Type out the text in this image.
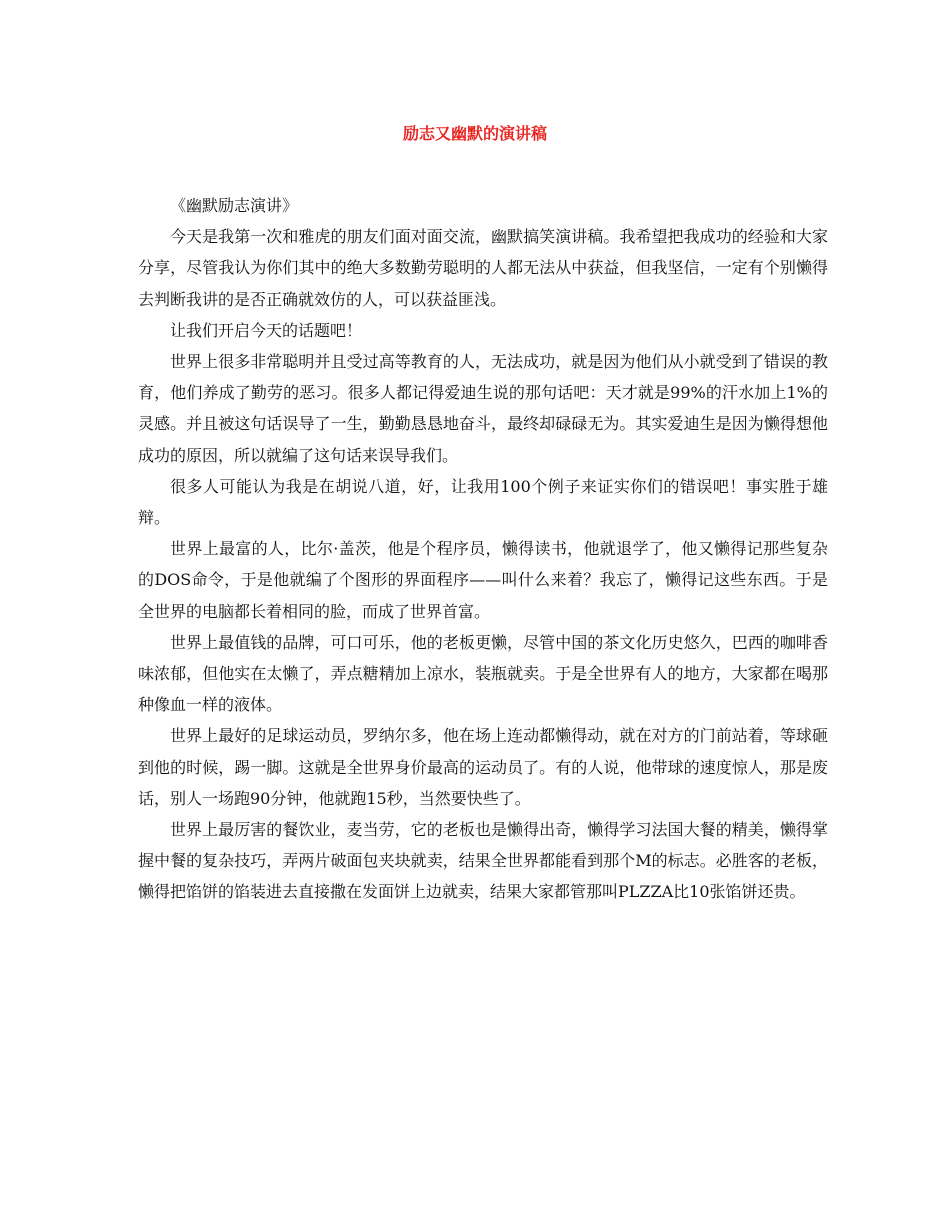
励志又幽默的演讲稿

《幽默励志演讲》

今天是我第一次和雅虎的朋友们面对面交流，幽默搞笑演讲稿。我希望把我成功的经验和大家分享，尽管我认为你们其中的绝大多数勤劳聪明的人都无法从中获益，但我坚信，一定有个别懒得去判断我讲的是否正确就效仿的人，可以获益匪浅。

让我们开启今天的话题吧！

世界上很多非常聪明并且受过高等教育的人，无法成功，就是因为他们从小就受到了错误的教育，他们养成了勤劳的恶习。很多人都记得爱迪生说的那句话吧：天才就是99%的汗水加上1%的灵感。并且被这句话误导了一生，勤勤恳恳地奋斗，最终却碌碌无为。其实爱迪生是因为懒得想他成功的原因，所以就编了这句话来误导我们。

很多人可能认为我是在胡说八道，好，让我用100个例子来证实你们的错误吧！事实胜于雄辩。

世界上最富的人，比尔·盖茨，他是个程序员，懒得读书，他就退学了，他又懒得记那些复杂的DOS命令，于是他就编了个图形的界面程序——叫什么来着？我忘了，懒得记这些东西。于是全世界的电脑都长着相同的脸，而成了世界首富。

世界上最值钱的品牌，可口可乐，他的老板更懒，尽管中国的茶文化历史悠久，巴西的咖啡香味浓郁，但他实在太懒了，弄点糖精加上凉水，装瓶就卖。于是全世界有人的地方，大家都在喝那种像血一样的液体。

世界上最好的足球运动员，罗纳尔多，他在场上连动都懒得动，就在对方的门前站着，等球砸到他的时候，踢一脚。这就是全世界身价最高的运动员了。有的人说，他带球的速度惊人，那是废话，别人一场跑90分钟，他就跑15秒，当然要快些了。

世界上最厉害的餐饮业，麦当劳，它的老板也是懒得出奇，懒得学习法国大餐的精美，懒得掌握中餐的复杂技巧，弄两片破面包夹块就卖，结果全世界都能看到那个M的标志。必胜客的老板，懒得把馅饼的馅装进去直接撒在发面饼上边就卖，结果大家都管那叫PLZZA比10张馅饼还贵。
